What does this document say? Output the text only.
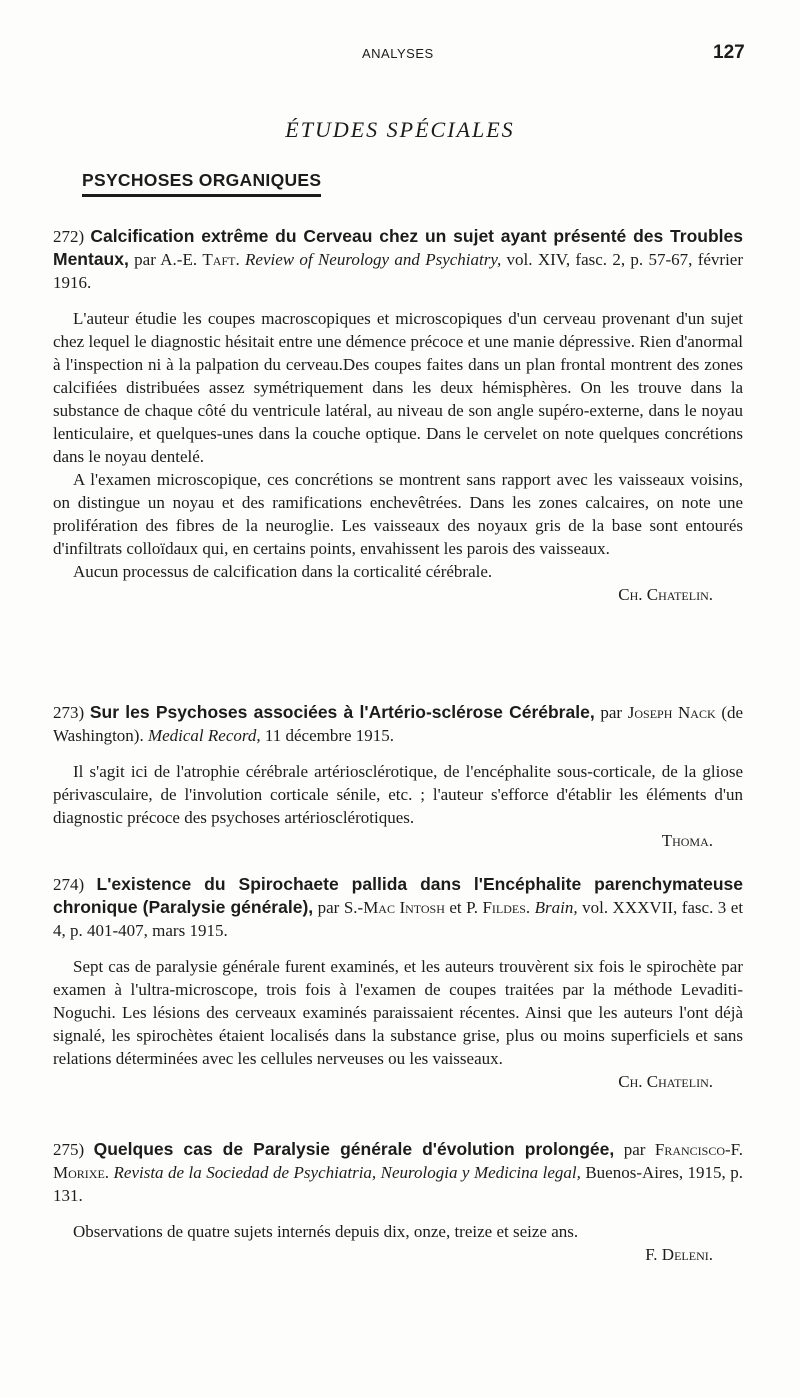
ANALYSES	127
ÉTUDES SPÉCIALES
PSYCHOSES ORGANIQUES

272) Calcification extrême du Cerveau chez un sujet ayant présenté des Troubles Mentaux, par A.-E. Taft. Review of Neurology and Psychiatry, vol. XIV, fasc. 2, p. 57-67, février 1916.

L'auteur étudie les coupes macroscopiques et microscopiques d'un cerveau provenant d'un sujet chez lequel le diagnostic hésitait entre une démence précoce et une manie dépressive. Rien d'anormal à l'inspection ni à la palpation du cerveau.Des coupes faites dans un plan frontal montrent des zones calcifiées distribuées assez symétriquement dans les deux hémisphères. On les trouve dans la substance de chaque côté du ventricule latéral, au niveau de son angle supéro-externe, dans le noyau lenticulaire, et quelques-unes dans la couche optique. Dans le cervelet on note quelques concrétions dans le noyau dentelé.

A l'examen microscopique, ces concrétions se montrent sans rapport avec les vaisseaux voisins, on distingue un noyau et des ramifications enchevêtrées. Dans les zones calcaires, on note une prolifération des fibres de la neuroglie. Les vaisseaux des noyaux gris de la base sont entourés d'infiltrats colloïdaux qui, en certains points, envahissent les parois des vaisseaux.

Aucun processus de calcification dans la corticalité cérébrale.

Ch. Chatelin.

273) Sur les Psychoses associées à l'Artério-sclérose Cérébrale, par Joseph Nack (de Washington). Medical Record, 11 décembre 1915.

Il s'agit ici de l'atrophie cérébrale artériosclérotique, de l'encéphalite sous-corticale, de la gliose périvasculaire, de l'involution corticale sénile, etc. ; l'auteur s'efforce d'établir les éléments d'un diagnostic précoce des psychoses artériosclérotiques.

Thoma.

274) L'existence du Spirochaete pallida dans l'Encéphalite parenchymateuse chronique (Paralysie générale), par S.-Mac Intosh et P. Fildes. Brain, vol. XXXVII, fasc. 3 et 4, p. 401-407, mars 1915.

Sept cas de paralysie générale furent examinés, et les auteurs trouvèrent six fois le spirochète par examen à l'ultra-microscope, trois fois à l'examen de coupes traitées par la méthode Levaditi-Noguchi. Les lésions des cerveaux examinés paraissaient récentes. Ainsi que les auteurs l'ont déjà signalé, les spirochètes étaient localisés dans la substance grise, plus ou moins superficiels et sans relations déterminées avec les cellules nerveuses ou les vaisseaux.

Ch. Chatelin.

275) Quelques cas de Paralysie générale d'évolution prolongée, par Francisco-F. Morixe. Revista de la Sociedad de Psychiatria, Neurologia y Medicina legal, Buenos-Aires, 1915, p. 131.

Observations de quatre sujets internés depuis dix, onze, treize et seize ans.

F. Deleni.
